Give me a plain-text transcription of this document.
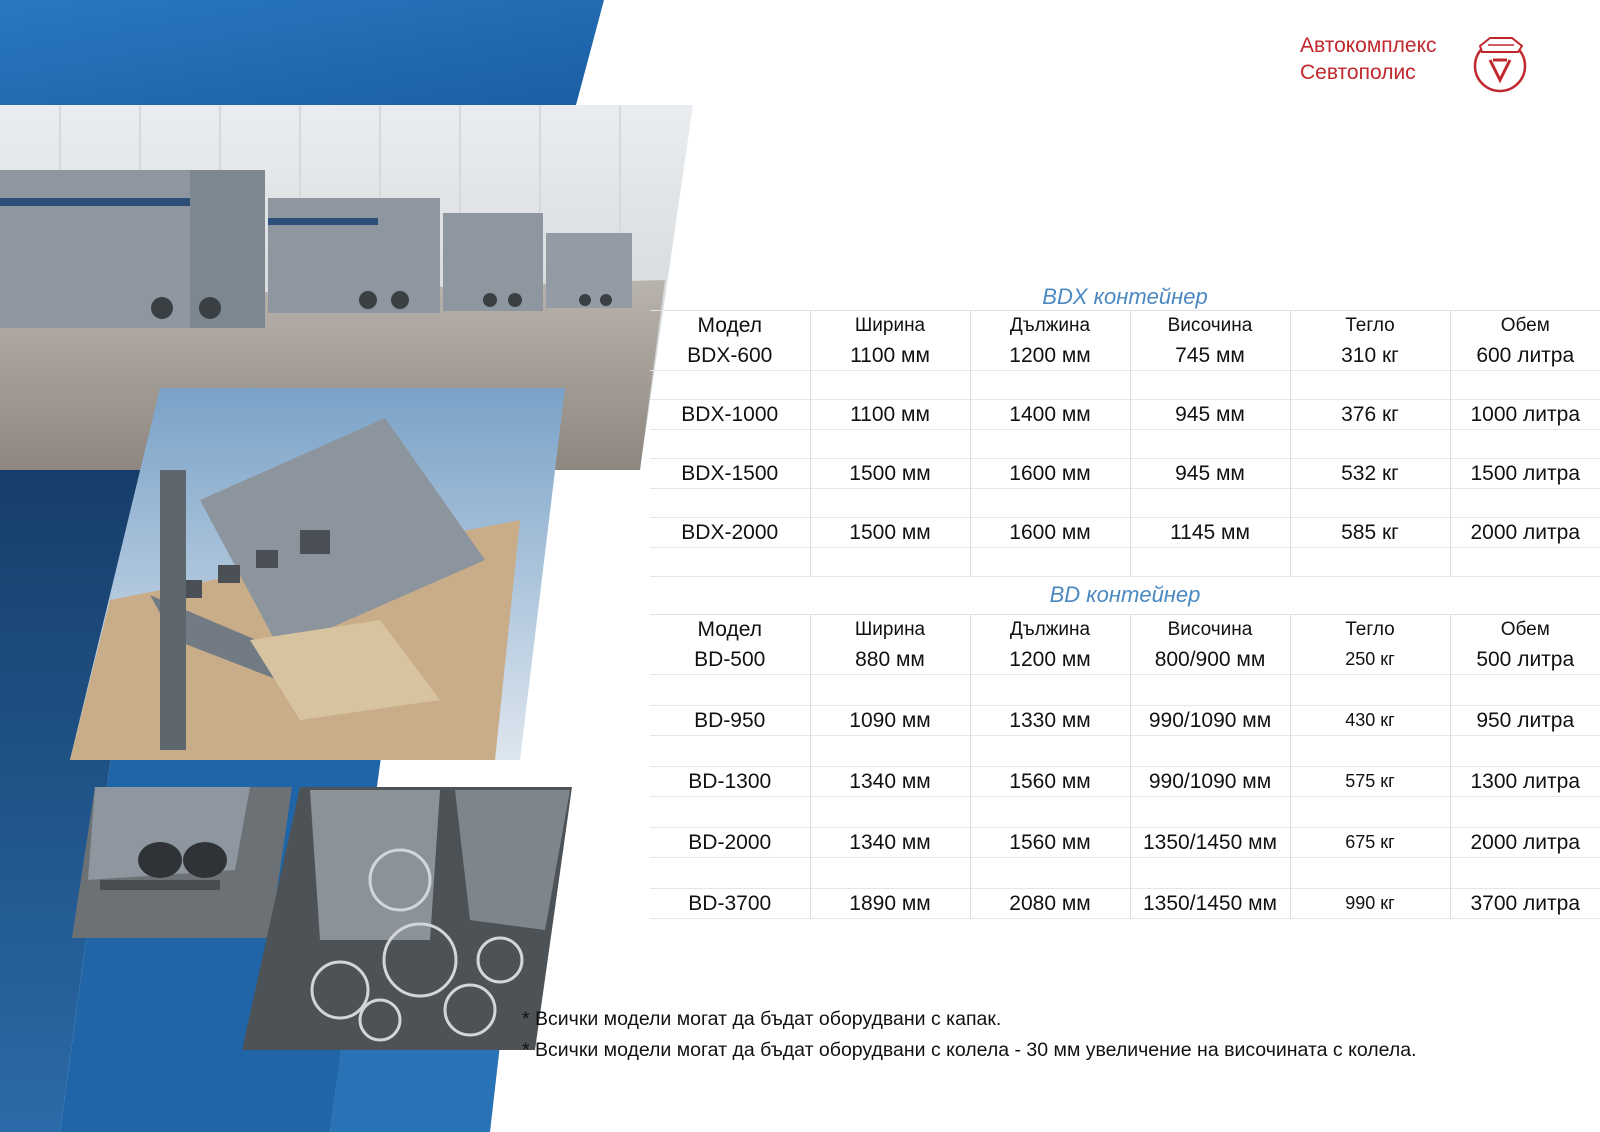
Автокомплекс
Севтополис
BDX контейнер
Модел	Ширина	Дължина	Височина	Тегло	Обем
BDX-600	1100 мм	1200 мм	745 мм	310 кг	600 литра

BDX-1000	1100 мм	1400 мм	945 мм	376 кг	1000 литра

BDX-1500	1500 мм	1600 мм	945 мм	532 кг	1500 литра

BDX-2000	1500 мм	1600 мм	1145 мм	585 кг	2000 литра

BD контейнер
Модел	Ширина	Дължина	Височина	Тегло	Обем
BD-500	880 мм	1200 мм	800/900 мм	250 кг	500 литра

BD-950	1090 мм	1330 мм	990/1090 мм	430 кг	950 литра

BD-1300	1340 мм	1560 мм	990/1090 мм	575 кг	1300 литра

BD-2000	1340 мм	1560 мм	1350/1450 мм	675 кг	2000 литра

BD-3700	1890 мм	2080 мм	1350/1450 мм	990 кг	3700 литра
* Всички модели могат да бъдат оборудвани с капак.
* Всички модели могат да бъдат оборудвани с колела - 30 мм увеличение на височината с колела.
